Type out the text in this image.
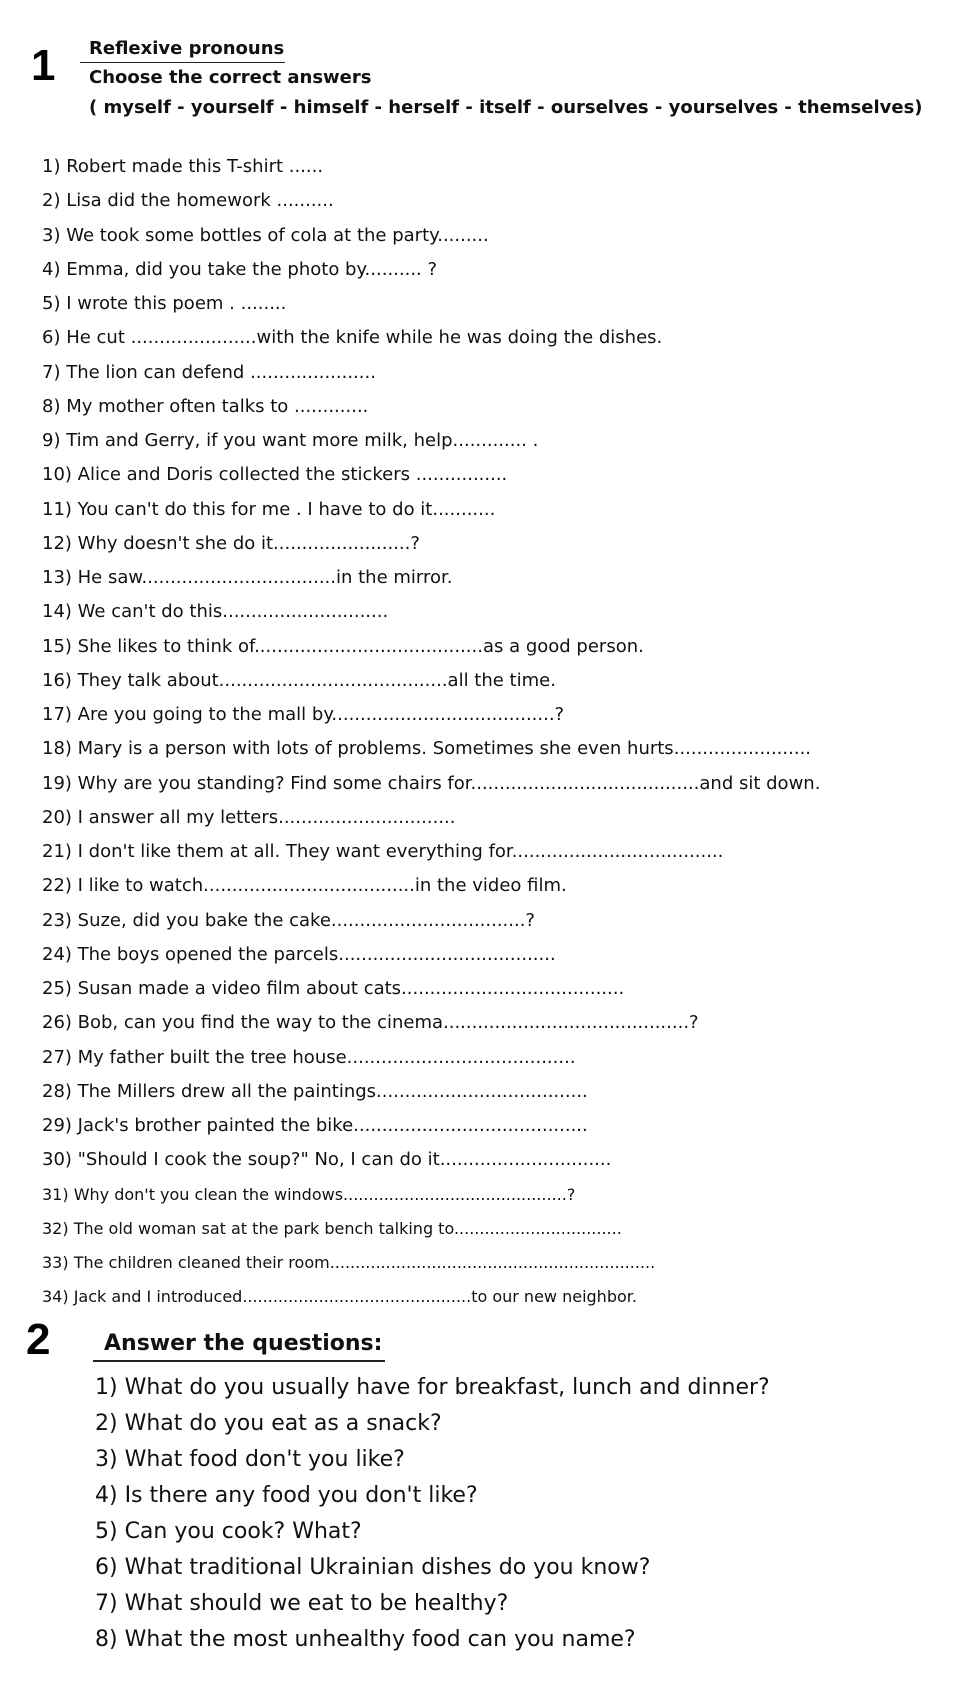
1 Reflexive pronouns
Choose the correct answers
( myself - yourself - himself - herself - itself - ourselves - yourselves - themselves)
1) Robert made this T-shirt ......
2) Lisa did the homework ..........
3) We took some bottles of cola at the party.........
4) Emma, did you take the photo by.......... ?
5) I wrote this poem . ........
6) He cut ......................with the knife while he was doing the dishes.
7) The lion can defend ......................
8) My mother often talks to .............
9) Tim and Gerry, if you want more milk, help............. .
10) Alice and Doris collected the stickers ................
11) You can't do this for me . I have to do it...........
12) Why doesn't she do it........................?
13) He saw..................................in the mirror.
14) We can't do this.............................
15) She likes to think of........................................as a good person.
16) They talk about........................................all the time.
17) Are you going to the mall by.......................................?
18) Mary is a person with lots of problems. Sometimes she even hurts........................
19) Why are you standing? Find some chairs for........................................and sit down.
20) I answer all my letters...............................
21) I don't like them at all. They want everything for.....................................
22) I like to watch.....................................in the video film.
23) Suze, did you bake the cake..................................?
24) The boys opened the parcels......................................
25) Susan made a video film about cats.......................................
26) Bob, can you find the way to the cinema...........................................?
27) My father built the tree house........................................
28) The Millers drew all the paintings.....................................
29) Jack's brother painted the bike.........................................
30) "Should I cook the soup?" No, I can do it..............................
31) Why don't you clean the windows............................................?
32) The old woman sat at the park bench talking to.................................
33) The children cleaned their room................................................................
34) Jack and I introduced.............................................to our new neighbor.
2 Answer the questions:
1) What do you usually have for breakfast, lunch and dinner?
2) What do you eat as a snack?
3) What food don't you like?
4) Is there any food you don't like?
5) Can you cook? What?
6) What traditional Ukrainian dishes do you know?
7) What should we eat to be healthy?
8) What the most unhealthy food can you name?
